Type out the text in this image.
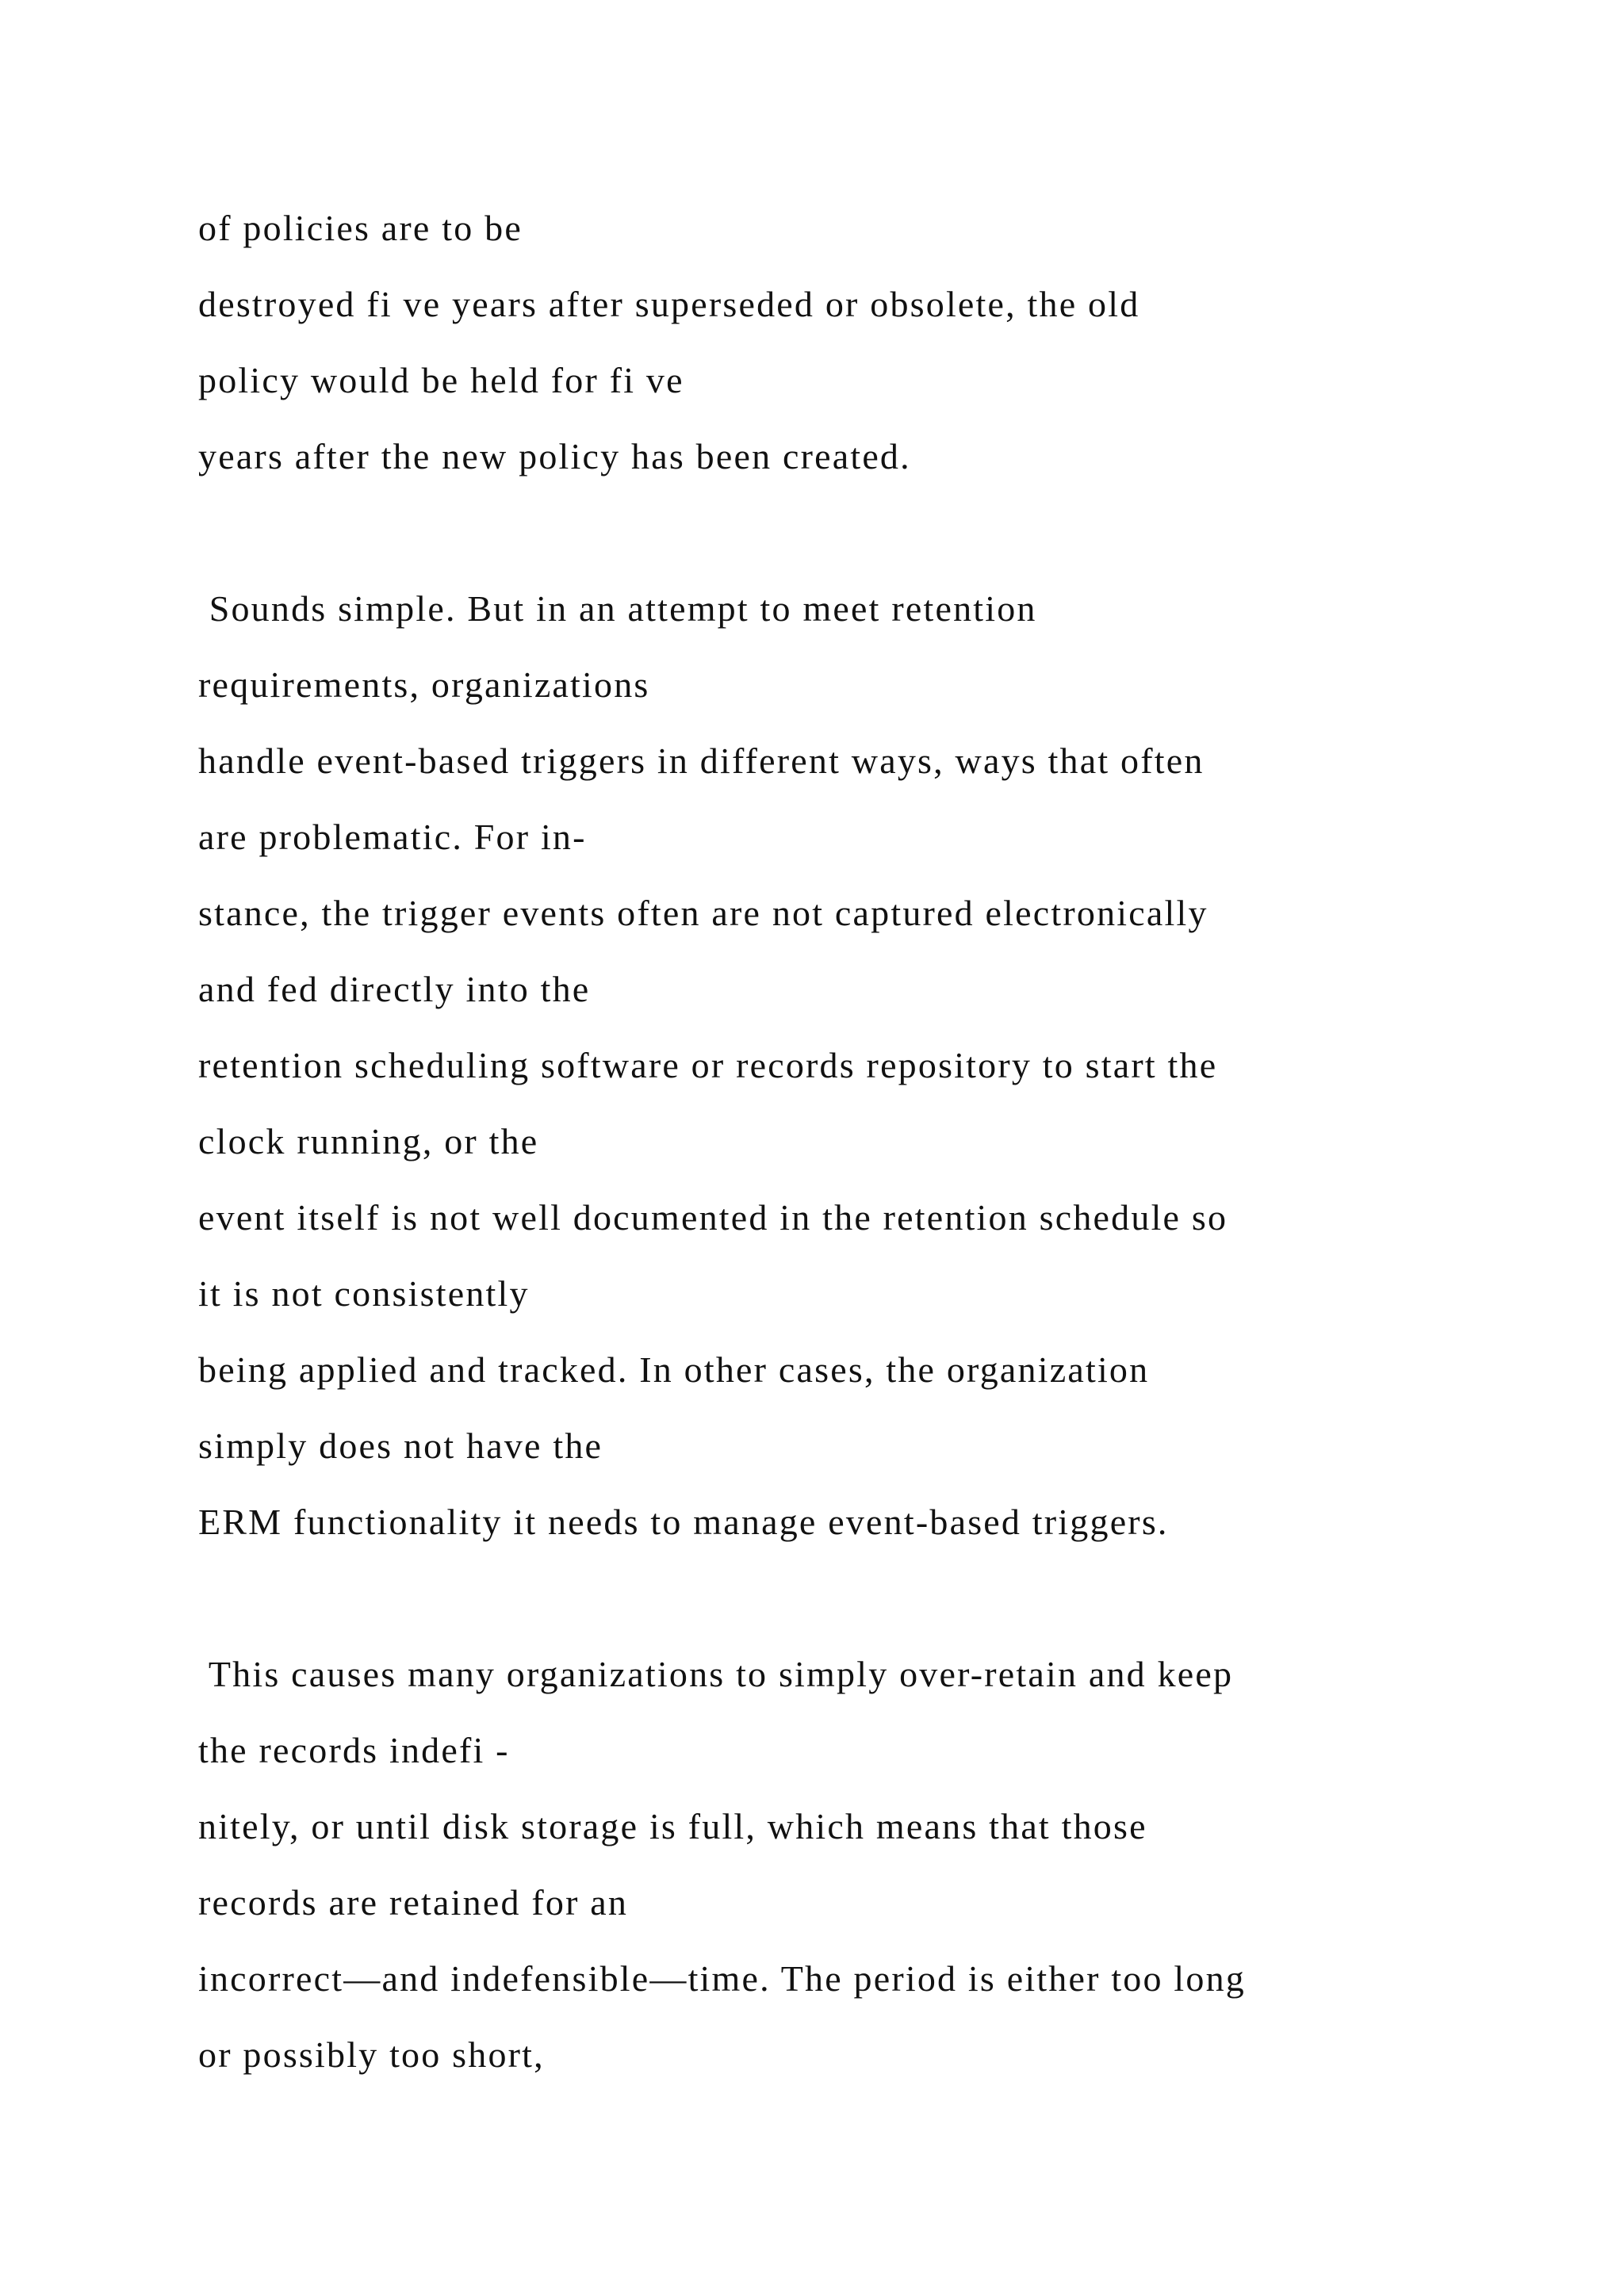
of policies are to be
destroyed fi ve years after superseded or obsolete, the old
policy would be held for fi ve
years after the new policy has been created.
Sounds simple. But in an attempt to meet retention
requirements, organizations
handle event-based triggers in different ways, ways that often
are problematic. For in-
stance, the trigger events often are not captured electronically
and fed directly into the
retention scheduling software or records repository to start the
clock running, or the
event itself is not well documented in the retention schedule so
it is not consistently
being applied and tracked. In other cases, the organization
simply does not have the
ERM functionality it needs to manage event-based triggers.
This causes many organizations to simply over-retain and keep
the records indefi -
nitely, or until disk storage is full, which means that those
records are retained for an
incorrect—and indefensible—time. The period is either too long
or possibly too short,
